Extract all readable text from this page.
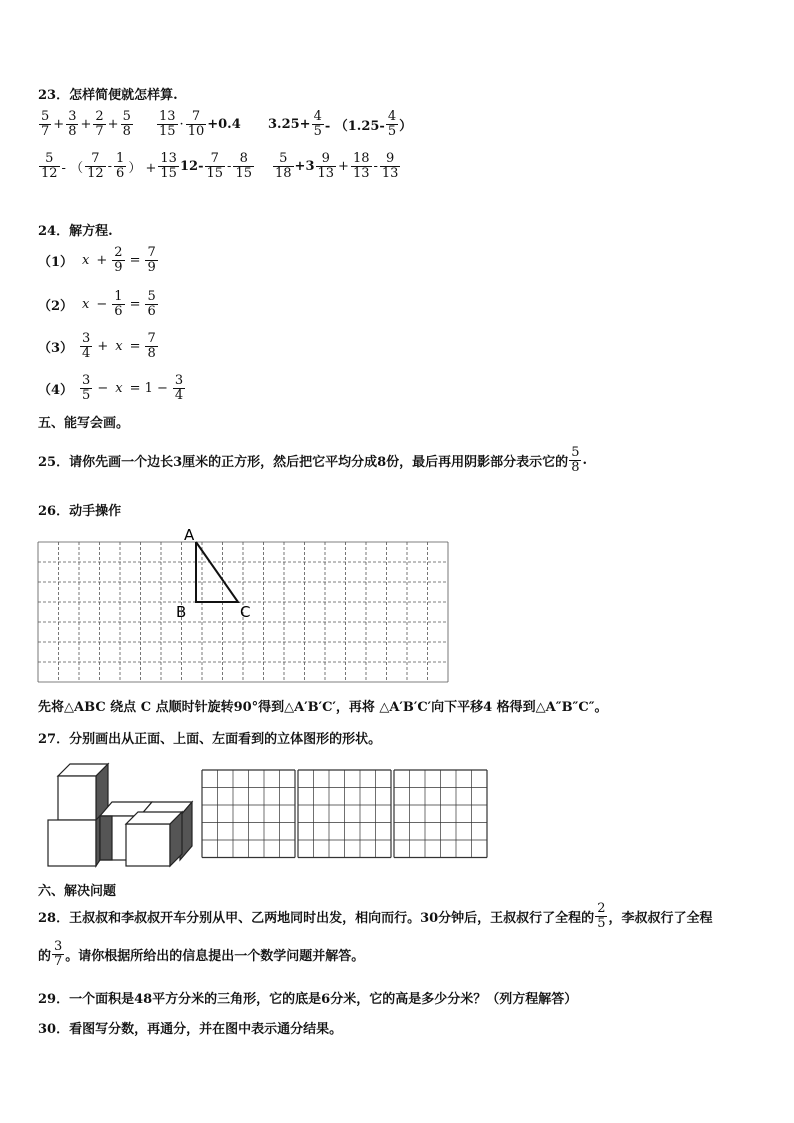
23．怎样简便就怎样算.
5
$7 + \frac{3}{8} + \frac{2}{7} + \frac{5}{8} 13$
15 ·
7
10 +0.4 $3.25+ \frac{4}{5} - (1.25-$
4
5 ）
5
12 - （
7
12 -
1
6 ） + $\frac{13}{15} 12-$
7
15 -
8
15
5
18 +3
9
$13 + \frac{18}{13}$ -
9
13
24．解方程.
（1） $x + \frac{2}{9} = \frac{7}{9}$
（2） $x - \frac{1}{6} = \frac{5}{6}$
（3）
3
$4 + x = \frac{7}{8}$
（4）
3
$5 - x = 1 - \frac{3}{4}$
五、能写会画。
25．请你先画一个边长3厘米的正方形，然后把它平均分成8份，最后再用阴影部分表示它的
5
8 .
26．动手操作
A
B	C
先将△ABC 绕点 C 点顺时针旋转90°得到△A′B′C′，再将 △A′B′C′向下平移4 格得到△A″B″C″。
27．分别画出从正面、上面、左面看到的立体图形的形状。
六、解决问题
28．王叔叔和李叔叔开车分别从甲、乙两地同时出发，相向而行。30分钟后，王叔叔行了全程的
2
5 ，李叔叔行了全程
的
3
7 。请你根据所给出的信息提出一个数学问题并解答。
29．一个面积是48平方分米的三角形，它的底是6分米，它的高是多少分米？（列方程解答）
30．看图写分数，再通分，并在图中表示通分结果。
